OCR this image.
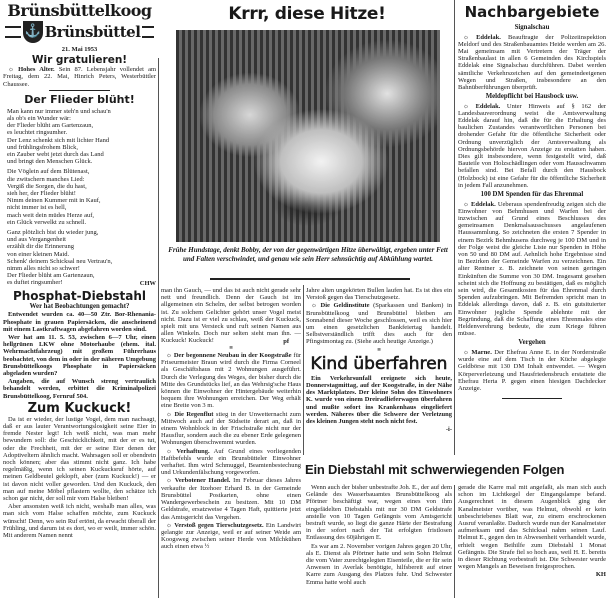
Brünsbüttelkoog
⚓ Brünsbüttel
21. Mai 1953
Wir gratulieren!

☼ Hohes Alter. Sein 87. Lebensjahr vollendet am Freitag, dem 22. Mai, Hinrich Peters, Westerbüttler Chaussee.

Der Flieder blüht!

Man kann nur immer steh'n und schau'n

als ob's ein Wunder wär:

der Flieder blüht am Gartenzaun,

es leuchtet ringsumher.

Der Lenz schenkt sich mit lichter Hand

und frühlingsfrohem Blick,

ein Zauber webt jetzt durch das Land

und bringt den Menschen Glück.

Die Vöglein auf dem Blütenast,

die zwitschern manches Lied:

Vergiß die Sorgen, die du hast,

sieh her, der Flieder blüht!

Nimm deinen Kummer mit in Kauf,

nicht immer ist es hell,

mach weit dein müdes Herze auf,

ein Glück verwelkt zu schnell.

Ganz plötzlich bist du wieder jung,

und aus Vergangenheit

erzählt dir die Erinnerung

von einer kleinen Maid.

Schenk' deinem Schicksal neu Vertrau'n,

nimm alles nicht so schwer!

Der Flieder blüht am Gartenzaun,

es duftet ringsumher!	CHW
Phosphat-Diebstahl
Wer hat Beobachtungen gemacht?

Entwendet wurden ca. 40—50 Ztr. Bor-Rhenania-Phosphate in grauen Papiersäcken, die anscheinend mit einem Lastkraftwagen abgefahren worden sind.

Wer hat am 11. 5. 53, zwischen 6—7 Uhr, einen hellgrünen LKW ohne Motorhaube (ehem. ital. Wehrmachtfahrzeug) mit großem Führerhaus beobachtet, von dem in oder in der näheren Umgebung Brunsbüttelkoogs Phosphate in Papiersäcken abgeladen wurden?

Angaben, die auf Wunsch streng vertraulich behandelt werden, erbittet die Kriminalpolizei Brunsbüttelkoog, Fernruf 504.

Zum Kuckuck!

Da ist er wieder, der lustige Vogel, dem man nachsagt, daß er aus lauter Verantwortungslosigkeit seine Eier in fremde Nester legt! Ich weiß nicht, was man mehr bewundern soll: die Geschicklichkeit, mit der er es tut, oder die Frechheit, mit der er seine Eier denen der Adoptiveltern ähnlich macht. Wahrsagen soll er obendrein noch können; aber das stimmt nicht ganz. Ich habe regelmäßig, wenn ich seinen Kuckucksruf hörte, auf meinen Geldbeutel geklopft, aber (zum Kuckuck!) — er ist davon nicht voller geworden. Und den Kuckuck, den man auf meine Möbel pflastern wollte, den schätze ich schon gar nicht, der soll mir vom Halse bleiben!

Aber ansonsten weiß ich nicht, weshalb man alles, was man sich vom Halse schaffen möchte, zum Kuckuck wünscht! Denn, wo sein Ruf ertönt, da erwacht überall der Frühling, und darum ist es dort, wo er weilt, immer schön. Mit anderem Namen nennt

Krrr, diese Hitze!
Frühe Hundstage, denkt Bobby, der von der gegenwärtigen Hitze überwältigt, ergeben unter Fett und Falten verschwindet, und genau wie sein Herr sehnsüchtig auf Abkühlung wartet.

man ihn Gauch, — und das ist auch nicht gerade sehr nett und freundlich. Denn der Gauch ist im allgemeinen ein Schelm, der selbst betrogen worden ist. Zu solchem Gelichter gehört unser Vogel meist nicht. Dazu ist er viel zu schlau, weiß der Kuckuck, spielt mit uns Versteck und ruft seinen Namen aus allen Winkeln. Doch nur selten sieht man ihn. — Kuckuck! Kuckuck!	pf
≡

☼ Der begonnene Neubau in der Koogstraße für Friseurmeister Braun wird durch die Firma Corneel als Geschäftshaus mit 2 Wohnungen ausgeführt. Durch die Verlegung des Weges, der bisher durch die Mitte des Grundstücks lief, an das Wehrsig'sche Haus können die Einwohner der Hintergebäude weiterhin bequem ihre Wohnungen erreichen. Der Weg erhält eine Breite von 3 m.

☼ Die Regenflut stieg in der Unwetternacht zum Mittwoch auch auf der Südseite derart an, daß in einem Wohnblock in der Frischstraße nicht nur der Hausflur, sondern auch die zu ebener Erde gelegenen Wohnungen überschwemmt wurden.

☼ Verhaftung. Auf Grund eines vorliegenden Haftbefehls wurde ein Brunsbütteler Einwohner verhaftet. Ihm wird Schmuggel, Beamtenbestechung und Urkundenfälschung vorgeworfen.

☼ Verbotener Handel. Im Februar dieses Jahres verkaufte der Itzehoer Erhard B. in der Gemeinde Brunsbüttel Postkarten, ohne einen Wandergewerbeschein zu besitzen. Mit 10 DM Geldstrafe, ersatzweise 4 Tagen Haft, quittierte jetzt das Amtsgericht das Vergehen.

☼ Verstoß gegen Tierschutzgesetz. Ein Landwirt gelangte zur Anzeige, weil er auf seiner Weide am Koogsweg zwischen seiner Herde von Milchkühen auch einen etwa ½

Jahre alten ungekörten Bullen laufen hat. Es ist dies ein Verstoß gegen das Tierschutzgesetz.

☼ Die Geldinstitute (Sparkassen und Banken) in Brunsbüttelkoog und Brunsbüttel bleiben am Sonnabend dieser Woche geschlossen, weil es sich hier um einen gesetzlichen Bankfeiertag handelt. Selbstverständlich trifft dies auch für den Pfingstmontag zu. (Siehe auch heutige Anzeige.)

≡
Kind überfahren

Ein Verkehrsunfall ereignete sich heute, Donnerstagmittag, auf der Koogstraße, in der Nähe des Marktplatzes. Der kleine Sohn des Einwohners K. wurde von einem Dreiradlieferwagen überfahren und mußte sofort ins Krankenhaus eingeliefert werden. Näheres über die Schwere der Verletzung des kleinen Jungen steht noch nicht fest.

-i-
Ein Diebstahl mit schwerwiegenden Folgen

Wenn auch der bisher unbestrafte Joh. E., der auf dem Gelände des Wasserbauamtes Brunsbüttelkoog als Pförtner beschäftigt war, wegen eines von ihm eingefädelten Diebstahls mit nur 30 DM Geldstrafe anstelle von 10 Tagen Gefängnis vom Amtsgericht bestraft wurde, so liegt die ganze Härte der Bestrafung in der sofort nach der Tat erfolgten fristlosen Entlassung des 60jährigen E.

Es war am 2. November vorigen Jahres gegen 20 Uhr, als E. Dienst als Pförtner hatte und sein Sohn Helmut die vom Vater zurechtgelegten Eisenteile, die er für sein Anwesen in Averlak benötigte, hilfsbereit auf einer Karre zum Ausgang des Platzes fuhr. Und Schwester Emma hatte wohl auch

gerade die Karre mal mit angefaßt, als man sich auch schon im Lichtkegel der Eingangslampe befand. Ausgerechnet in diesem Augenblick ging der Kanalmeister vorüber, was Helmut, obwohl er kein unbeschriebenes Blatt war, zu einem erschrockenen Ausruf veranlaßte. Dadurch wurde nun der Kanalmeister aufmerksam und das Schicksal nahm seinen Lauf. Helmut E., gegen den in Abwesenheit verhandelt wurde, erhielt wegen Beihilfe zum Diebstahl 1 Monat Gefängnis. Die Strafe fiel so hoch aus, weil H. E. bereits in dieser Richtung vorbestraft ist. Die Schwester wurde wegen Mangels an Beweisen freigesprochen.

KH
Nachbargebiete
Signalschau

☼ Eddelak. Beauftragte der Polizeiinspektion Meldorf und des Straßenbauamtes Heide werden am 26. Mai gemeinsam mit Vertretern der Träger der Straßenbaulast in allen 6 Gemeinden des Kirchspiels Eddelak eine Signalschau durchführen. Dabei werden sämtliche Verkehrszeichen auf den gemeindeeigenen Wegen und Straßen, insbesondere an den Bahnüberführungen überprüft.

Meldepflicht bei Hausbock usw.

☼ Eddelak. Unter Hinweis auf § 162 der Landesbauverordnung weist die Amtsverwaltung Eddelak darauf hin, daß die für die Erhaltung des baulichen Zustandes verantwortlichen Personen bei drohender Gefahr für die öffentliche Sicherheit oder Ordnung unverzüglich der Amtsverwaltung als Ordnungsbehörde hiervon Anzeige zu erstatten haben. Dies gilt insbesondere, wenn festgestellt wird, daß Bauteile von Holzschädlingen oder vom Hausschwamm befallen sind. Bei Befall durch den Hausbock (Holzbock) ist eine Gefahr für die öffentliche Sicherheit in jedem Fall anzunehmen.

100 DM Spenden für das Ehrenmal

☼ Eddelak. Ueberaus spendenfreudig zeigen sich die Einwohner von Behmhusen und Warfen bei der inzwischen auf Grund eines Beschlusses des gemeinsamen Denkmalsausschusses angelaufenen Haussammlung. So zeichneten die ersten 7 Spender in einem Bezirk Behmhusens durchweg je 100 DM und in der Folge weist die gleiche Liste nur Spenden in Höhe von 50 und 80 DM auf. Aehnlich hohe Ergebnisse sind in Bezirken der Gemeinde Warfen zu verzeichnen. Ein alter Rentner z. B. zeichnete von seinen geringen Einkünften die Summe von 30 DM. Insgesamt gesehen scheint sich die Hoffnung zu bestätigen, daß es möglich sein wird, die Gesamtkosten für das Ehrenmal durch Spenden aufzubringen. Mit Befremden spricht man in Eddelak allerdings davon, daß z. B. ein gutsituierter Einwohner jegliche Spende ablehnte mit der Begründung, daß die Schaffung eines Ehrenmales eine Heldenverehrung bedeute, die zum Kriege führen müsse.

Vergehen

☼ Marne. Der Ehefrau Anne E. in der Norderstraße wurde eine auf dem Tisch in der Küche abgelegte Geldbörse mit 130 DM Inhalt entwendet. — Wegen Körperverletzung und Hausfriedensbruch erstattete die Ehefrau Herta P. gegen einen hiesigen Dachdecker Anzeige.
